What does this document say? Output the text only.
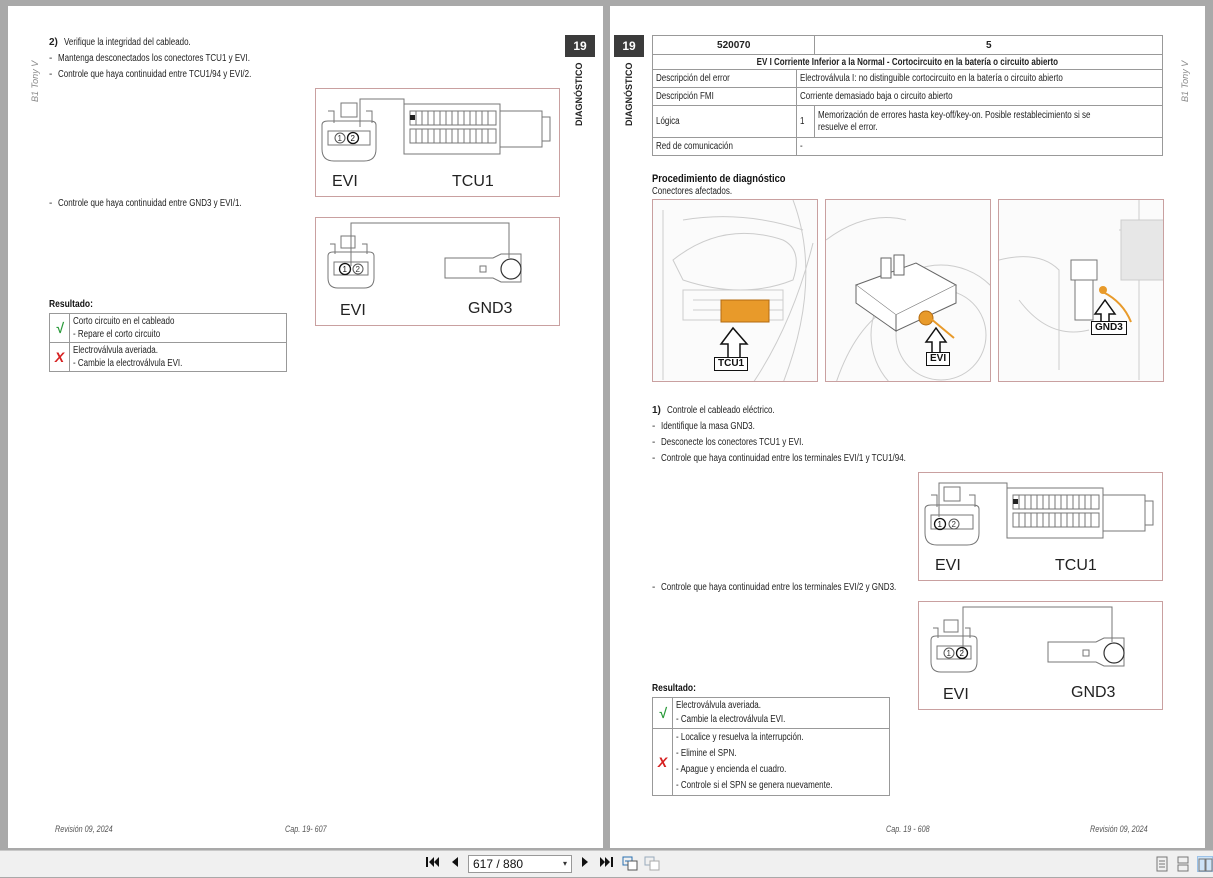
B1 Tony V
2) Verifique la integridad del cableado.
- Mantenga desconectados los conectores TCU1 y EVI.
- Controle que haya continuidad entre TCU1/94 y EVI/2.
- Controle que haya continuidad entre GND3 y EVI/1.
1 2
EVI	TCU1
1 2
EVI	GND3
Resultado:
√	Corto circuito en el cableado
- Repare el corto circuito

X	Electroválvula averiada.
- Cambie la electroválvula EVI.
19
DIAGNÓSTICO
Revisión 09, 2024	Cap. 19- 607
19
DIAGNÓSTICO	B1 Tony V
520070		5
EV I Corriente Inferior a la Normal - Cortocircuito en la batería o circuito abierto		
Descripción del error	Electroválvula I: no distinguible cortocircuito en la batería o circuito abierto	
Descripción FMI	Corriente demasiado baja o circuito abierto	
Lógica	1	Memorización de errores hasta key-off/key-on. Posible restablecimiento si se
resuelve el error.

Red de comunicación	-	
Procedimiento de diagnóstico
Conectores afectados.
TCU1	EVI
GND3
1) Controle el cableado eléctrico.
- Identifique la masa GND3.
- Desconecte los conectores TCU1 y EVI.
- Controle que haya continuidad entre los terminales EVI/1 y TCU1/94.
- Controle que haya continuidad entre los terminales EVI/2 y GND3.
1 2
EVI	TCU1
1 2
EVI	GND3
Resultado:
√	Electroválvula averiada.
- Cambie la electroválvula EVI.

X	- Localice y resuelva la interrupción.
- Elimine el SPN.
- Apague y encienda el cuadro.
- Controle si el SPN se genera nuevamente.
Cap. 19 - 608	Revisión 09, 2024
617 / 880	▾
